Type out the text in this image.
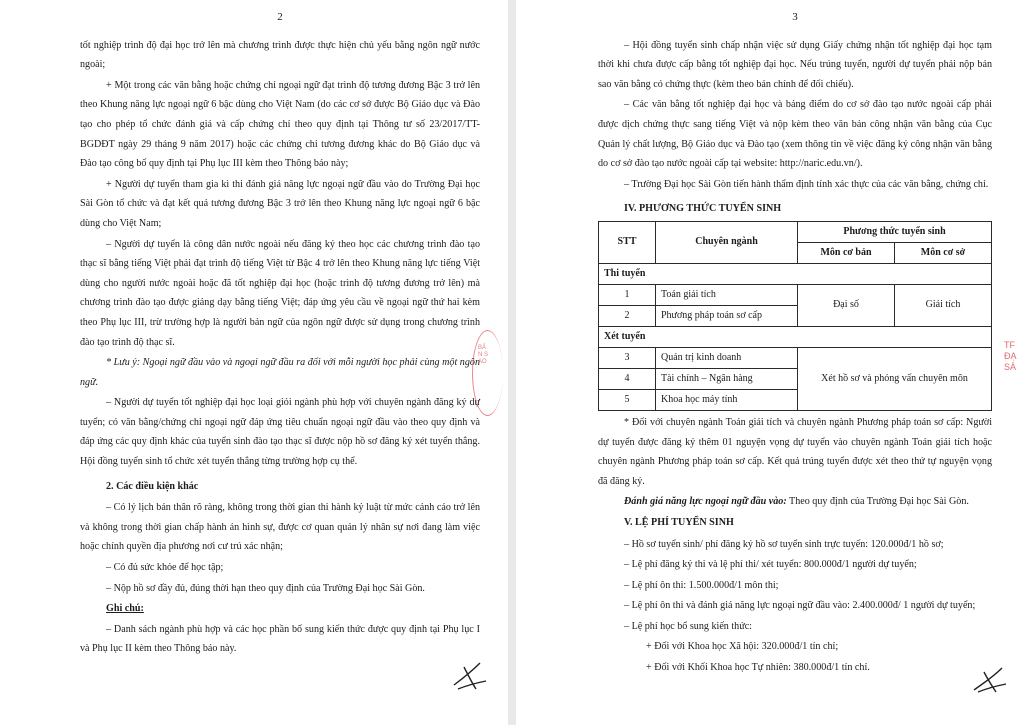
2

tốt nghiệp trình độ đại học trở lên mà chương trình được thực hiện chủ yếu bằng ngôn ngữ nước ngoài;

+ Một trong các văn bằng hoặc chứng chỉ ngoại ngữ đạt trình độ tương đương Bậc 3 trở lên theo Khung năng lực ngoại ngữ 6 bậc dùng cho Việt Nam (do các cơ sở được Bộ Giáo dục và Đào tạo cho phép tổ chức đánh giá và cấp chứng chỉ theo quy định tại Thông tư số 23/2017/TT-BGDĐT ngày 29 tháng 9 năm 2017) hoặc các chứng chỉ tương đương khác do Bộ Giáo dục và Đào tạo công bố quy định tại Phụ lục III kèm theo Thông báo này;

+ Người dự tuyển tham gia kì thi đánh giá năng lực ngoại ngữ đầu vào do Trường Đại học Sài Gòn tổ chức và đạt kết quả tương đương Bậc 3 trở lên theo Khung năng lực ngoại ngữ 6 bậc dùng cho Việt Nam;

– Người dự tuyển là công dân nước ngoài nếu đăng ký theo học các chương trình đào tạo thạc sĩ bằng tiếng Việt phải đạt trình độ tiếng Việt từ Bậc 4 trở lên theo Khung năng lực tiếng Việt dùng cho người nước ngoài hoặc đã tốt nghiệp đại học (hoặc trình độ tương đương trở lên) mà chương trình đào tạo được giảng dạy bằng tiếng Việt; đáp ứng yêu cầu về ngoại ngữ thứ hai kèm theo Phụ lục III, trừ trường hợp là người bản ngữ của ngôn ngữ được sử dụng trong chương trình đào tạo trình độ thạc sĩ.

* Lưu ý: Ngoại ngữ đầu vào và ngoại ngữ đầu ra đối với mỗi người học phải cùng một ngôn ngữ.

– Người dự tuyển tốt nghiệp đại học loại giỏi ngành phù hợp với chuyên ngành đăng ký dự tuyển; có văn bằng/chứng chỉ ngoại ngữ đáp ứng tiêu chuẩn ngoại ngữ đầu vào theo quy định và đáp ứng các quy định khác của tuyển sinh đào tạo thạc sĩ được nộp hồ sơ đăng ký xét tuyển thẳng. Hội đồng tuyển sinh tổ chức xét tuyển thẳng từng trường hợp cụ thể.

2. Các điều kiện khác

– Có lý lịch bản thân rõ ràng, không trong thời gian thi hành kỷ luật từ mức cảnh cáo trở lên và không trong thời gian chấp hành án hình sự, được cơ quan quản lý nhân sự nơi đang làm việc hoặc chính quyền địa phương nơi cư trú xác nhận;

– Có đủ sức khỏe để học tập;

– Nộp hồ sơ đầy đủ, đúng thời hạn theo quy định của Trường Đại học Sài Gòn.

Ghi chú:

– Danh sách ngành phù hợp và các học phần bổ sung kiến thức được quy định tại Phụ lục I và Phụ lục II kèm theo Thông báo này.

BẢN SAO
3

– Hội đồng tuyển sinh chấp nhận việc sử dụng Giấy chứng nhận tốt nghiệp đại học tạm thời khi chưa được cấp bằng tốt nghiệp đại học. Nếu trúng tuyển, người dự tuyển phải nộp bản sao văn bằng có chứng thực (kèm theo bản chính để đối chiếu).

– Các văn bằng tốt nghiệp đại học và bảng điểm do cơ sở đào tạo nước ngoài cấp phải được dịch chứng thực sang tiếng Việt và nộp kèm theo văn bản công nhận văn bằng của Cục Quản lý chất lượng, Bộ Giáo dục và Đào tạo (xem thông tin về việc đăng ký công nhận văn bằng do cơ sở đào tạo nước ngoài cấp tại website: http://naric.edu.vn/).

– Trường Đại học Sài Gòn tiến hành thẩm định tính xác thực của các văn bằng, chứng chỉ.

IV. PHƯƠNG THỨC TUYỂN SINH
STT	Chuyên ngành	Phương thức tuyển sinh	
		Môn cơ bản	Môn cơ sở
Thi tuyển			
1	Toán giải tích	Đại số	Giải tích
2	Phương pháp toán sơ cấp		
Xét tuyển			
3	Quản trị kinh doanh	Xét hồ sơ và phỏng vấn chuyên môn	
4	Tài chính – Ngân hàng		
5	Khoa học máy tính		

* Đối với chuyên ngành Toán giải tích và chuyên ngành Phương pháp toán sơ cấp: Người dự tuyển được đăng ký thêm 01 nguyện vọng dự tuyển vào chuyên ngành Toán giải tích hoặc chuyên ngành Phương pháp toán sơ cấp. Kết quả trúng tuyển được xét theo thứ tự nguyện vọng đã đăng ký.

Đánh giá năng lực ngoại ngữ đầu vào: Theo quy định của Trường Đại học Sài Gòn.

V. LỆ PHÍ TUYỂN SINH

– Hồ sơ tuyển sinh/ phí đăng ký hồ sơ tuyển sinh trực tuyến: 120.000đ/1 hồ sơ;

– Lệ phí đăng ký thi và lệ phí thi/ xét tuyển: 800.000đ/1 người dự tuyển;

– Lệ phí ôn thi: 1.500.000đ/1 môn thi;

– Lệ phí ôn thi và đánh giá năng lực ngoại ngữ đầu vào: 2.400.000đ/ 1 người dự tuyển;

– Lệ phí học bổ sung kiến thức:

+ Đối với Khoa học Xã hội: 320.000đ/1 tín chỉ;

+ Đối với Khối Khoa học Tự nhiên: 380.000đ/1 tín chỉ.

TF ĐẠ SÀ
